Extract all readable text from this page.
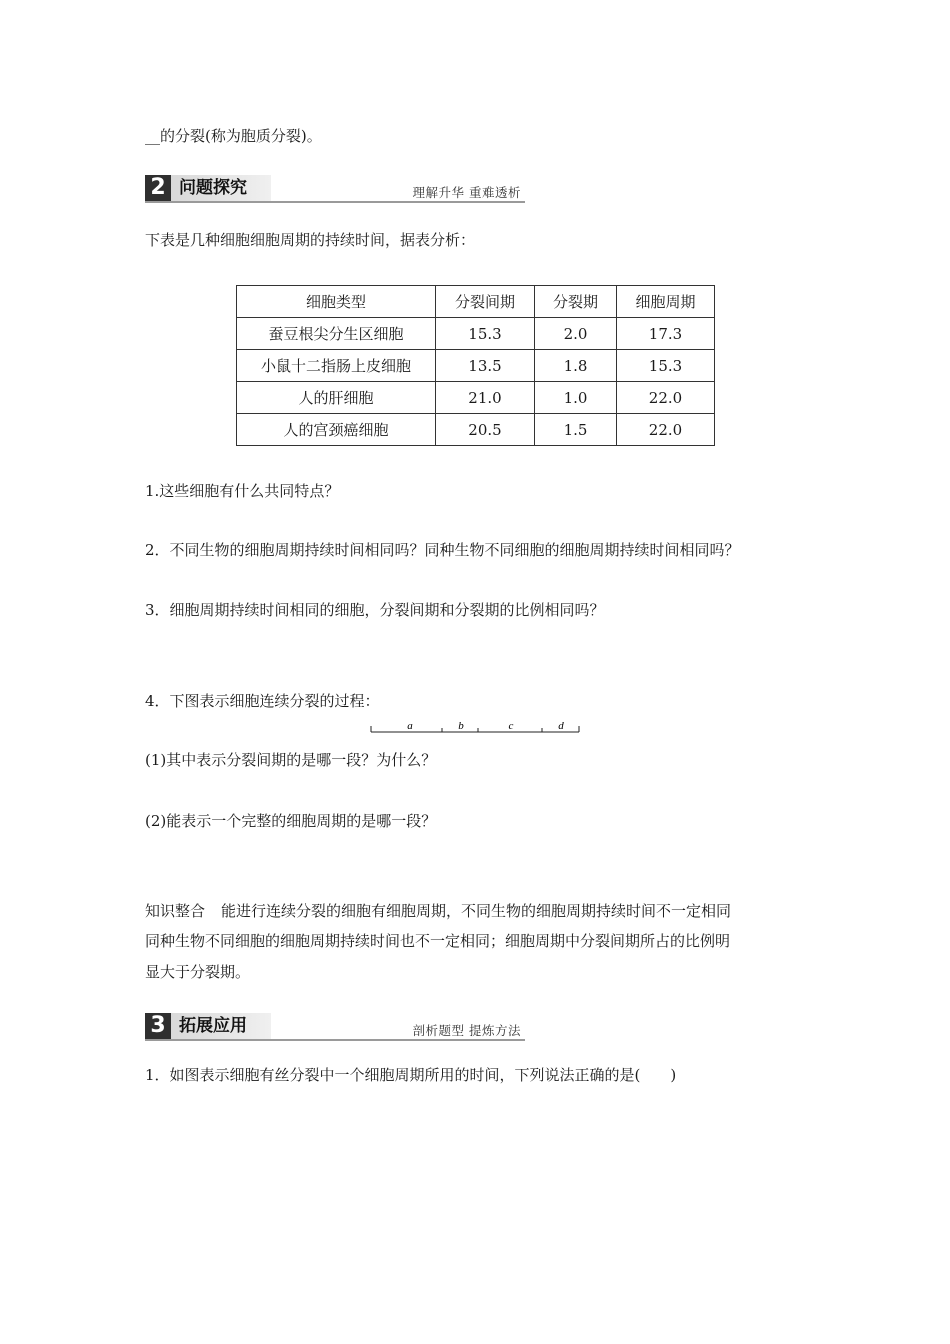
__的分裂(称为胞质分裂)。
2 问题探究	理解升华 重难透析
下表是几种细胞细胞周期的持续时间，据表分析：
细胞类型	分裂间期	分裂期	细胞周期
蚕豆根尖分生区细胞	15.3	2.0	17.3
小鼠十二指肠上皮细胞	13.5	1.8	15.3
人的肝细胞	21.0	1.0	22.0
人的宫颈癌细胞	20.5	1.5	22.0
1.这些细胞有什么共同特点？
2．不同生物的细胞周期持续时间相同吗？同种生物不同细胞的细胞周期持续时间相同吗？
3．细胞周期持续时间相同的细胞，分裂间期和分裂期的比例相同吗？
4．下图表示细胞连续分裂的过程：
a	b	c	d
(1)其中表示分裂间期的是哪一段？为什么？
(2)能表示一个完整的细胞周期的是哪一段？
知识整合 能进行连续分裂的细胞有细胞周期，不同生物的细胞周期持续时间不一定相同
同种生物不同细胞的细胞周期持续时间也不一定相同；细胞周期中分裂间期所占的比例明
显大于分裂期。
3 拓展应用	剖析题型 提炼方法
1．如图表示细胞有丝分裂中一个细胞周期所用的时间，下列说法正确的是(　　)
